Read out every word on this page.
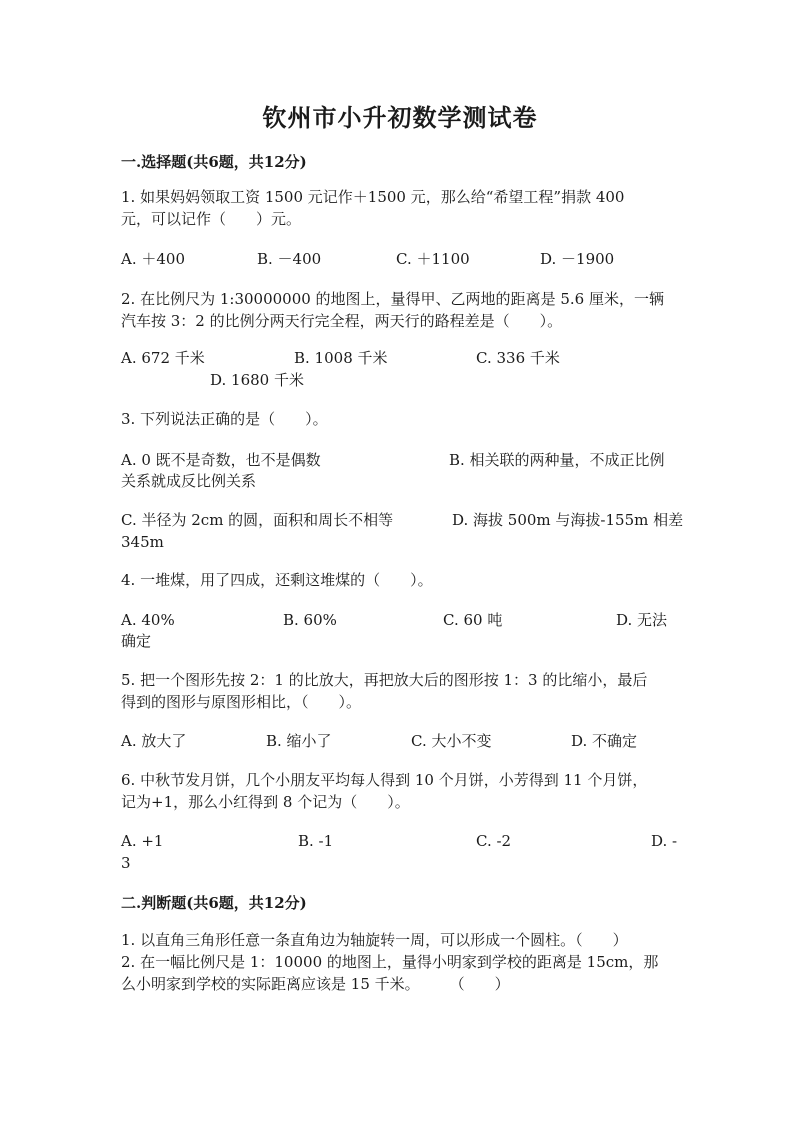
钦州市小升初数学测试卷
一.选择题(共6题，共12分)
1. 如果妈妈领取工资 1500 元记作＋1500 元，那么给“希望工程”捐款 400
元，可以记作（　　）元。
A. ＋400	B. －400	C. ＋1100	D. －1900
2. 在比例尺为 1:30000000 的地图上，量得甲、乙两地的距离是 5.6 厘米，一辆
汽车按 3：2 的比例分两天行完全程，两天行的路程差是（　　）。
A. 672 千米	B. 1008 千米	C. 336 千米
D. 1680 千米
3. 下列说法正确的是（　　）。
A. 0 既不是奇数，也不是偶数	B. 相关联的两种量，不成正比例
关系就成反比例关系
C. 半径为 2cm 的圆，面积和周长不相等	D. 海拔 500m 与海拔-155m 相差
345m
4. 一堆煤，用了四成，还剩这堆煤的（　　）。
A. 40%	B. 60%	C. 60 吨	D. 无法
确定
5. 把一个图形先按 2：1 的比放大，再把放大后的图形按 1：3 的比缩小，最后
得到的图形与原图形相比，（　　）。
A. 放大了	B. 缩小了	C. 大小不变	D. 不确定
6. 中秋节发月饼，几个小朋友平均每人得到 10 个月饼，小芳得到 11 个月饼，
记为+1，那么小红得到 8 个记为（　　）。
A. +1	B. -1	C. -2	D. -
3
二.判断题(共6题，共12分)
1. 以直角三角形任意一条直角边为轴旋转一周，可以形成一个圆柱。（　　）
2. 在一幅比例尺是 1：10000 的地图上，量得小明家到学校的距离是 15cm，那
么小明家到学校的实际距离应该是 15 千米。　　　（　　）
